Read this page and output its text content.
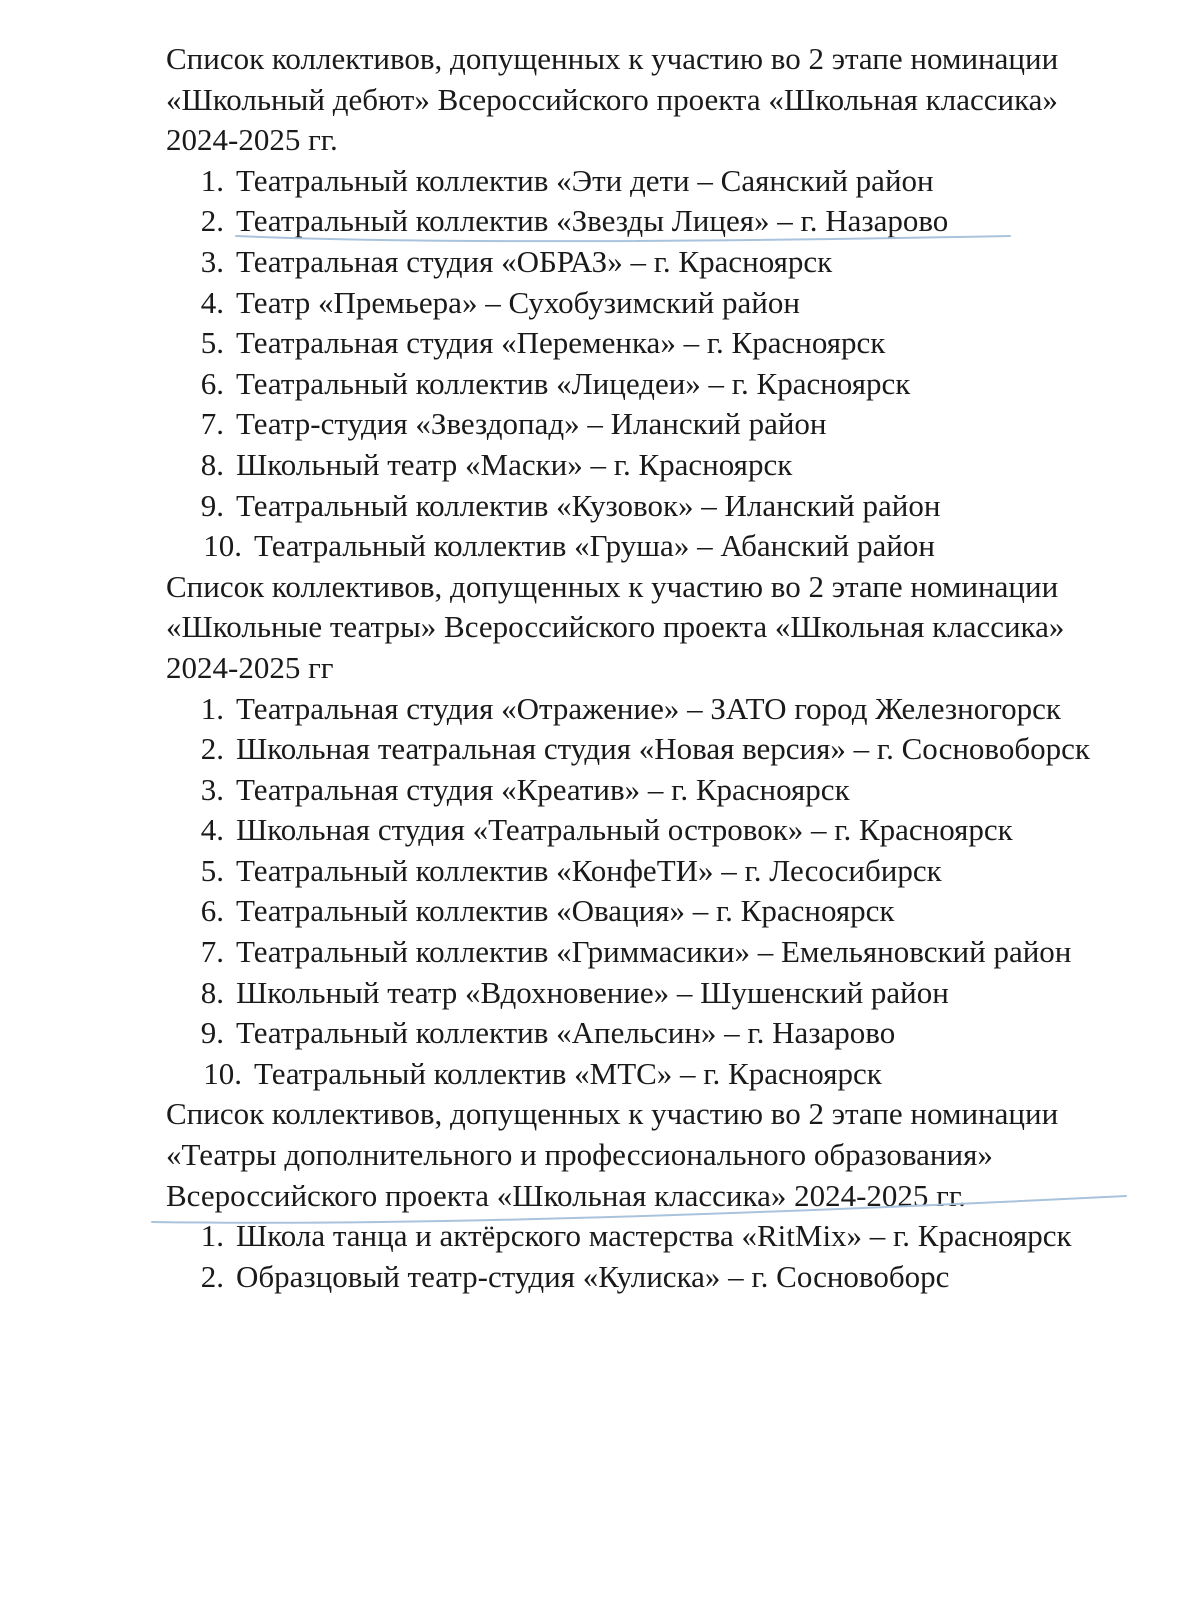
Список коллективов, допущенных к участию во 2 этапе номинации «Школьный дебют» Всероссийского проекта «Школьная классика» 2024-2025 гг.

1. Театральный коллектив «Эти дети – Саянский район
2. Театральный коллектив «Звезды Лицея» – г. Назарово
3. Театральная студия «ОБРАЗ» – г. Красноярск
4. Театр «Премьера» – Сухобузимский район
5. Театральная студия «Переменка» – г. Красноярск
6. Театральный коллектив «Лицедеи» – г. Красноярск
7. Театр-студия «Звездопад» – Иланский район
8. Школьный театр «Маски» – г. Красноярск
9. Театральный коллектив «Кузовок» – Иланский район
10. Театральный коллектив «Груша» – Абанский район

Список коллективов, допущенных к участию во 2 этапе номинации «Школьные театры» Всероссийского проекта «Школьная классика» 2024-2025 гг

1. Театральная студия «Отражение» – ЗАТО город Железногорск
2. Школьная театральная студия «Новая версия» – г. Сосновоборск
3. Театральная студия «Креатив» – г. Красноярск
4. Школьная студия «Театральный островок» – г. Красноярск
5. Театральный коллектив «КонфеТИ» – г. Лесосибирск
6. Театральный коллектив «Овация» – г. Красноярск
7. Театральный коллектив «Гриммасики» – Емельяновский район
8. Школьный театр «Вдохновение» – Шушенский район
9. Театральный коллектив «Апельсин» – г. Назарово
10. Театральный коллектив «МТС» – г. Красноярск

Список коллективов, допущенных к участию во 2 этапе номинации «Театры дополнительного и профессионального образования» Всероссийского проекта «Школьная классика» 2024-2025 гг.

1. Школа танца и актёрского мастерства «RitMix» – г. Красноярск
2. Образцовый театр-студия «Кулиска» – г. Сосновоборс
